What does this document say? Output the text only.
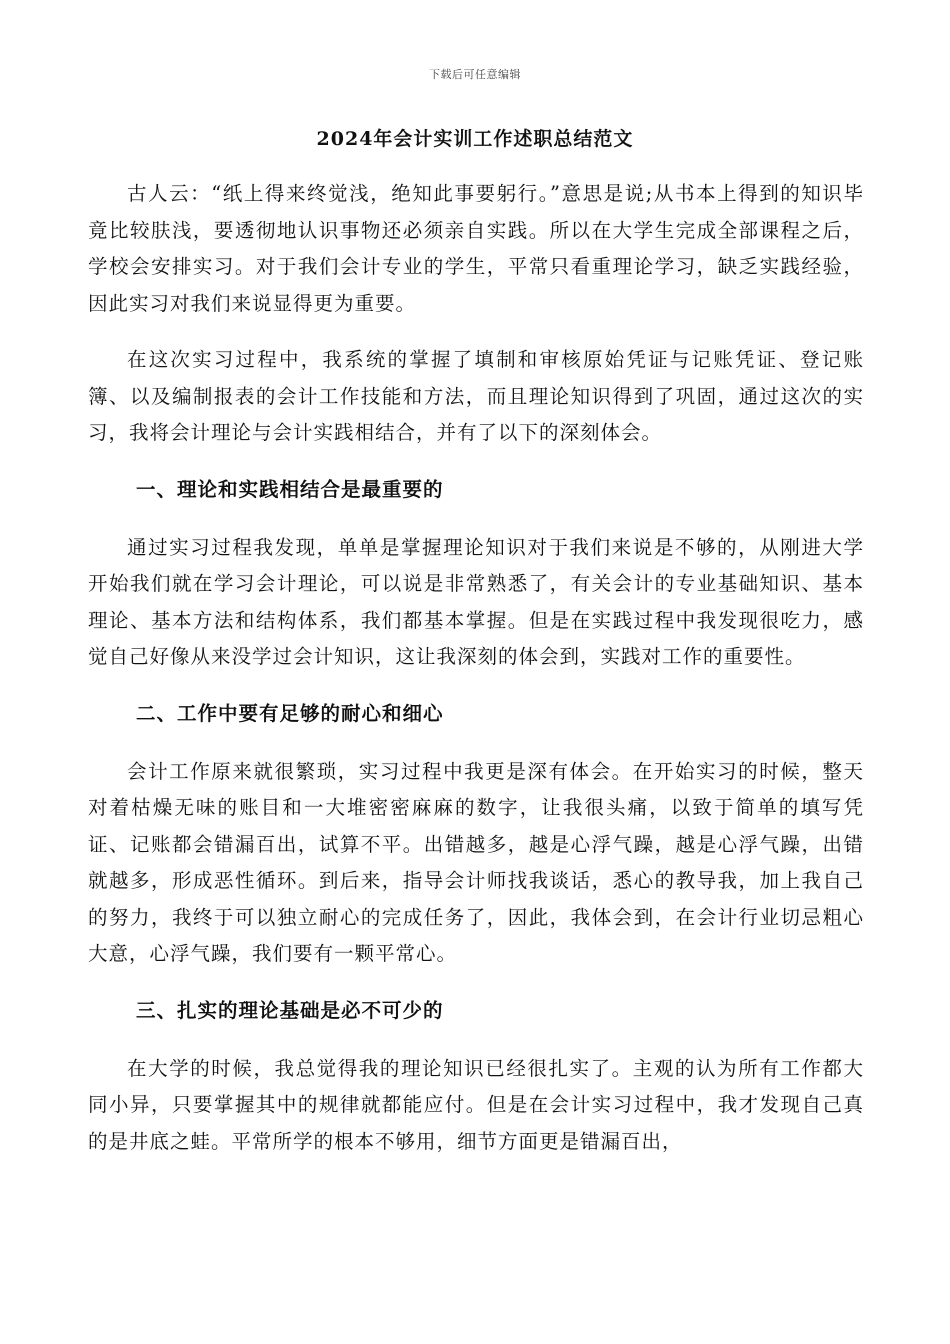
下载后可任意编辑
2024年会计实训工作述职总结范文

古人云：“纸上得来终觉浅，绝知此事要躬行。”意思是说;从书本上得到的知识毕竟比较肤浅，要透彻地认识事物还必须亲自实践。所以在大学生完成全部课程之后，学校会安排实习。对于我们会计专业的学生，平常只看重理论学习，缺乏实践经验，因此实习对我们来说显得更为重要。

在这次实习过程中，我系统的掌握了填制和审核原始凭证与记账凭证、登记账簿、以及编制报表的会计工作技能和方法，而且理论知识得到了巩固，通过这次的实习，我将会计理论与会计实践相结合，并有了以下的深刻体会。

一、理论和实践相结合是最重要的

通过实习过程我发现，单单是掌握理论知识对于我们来说是不够的，从刚进大学开始我们就在学习会计理论，可以说是非常熟悉了，有关会计的专业基础知识、基本理论、基本方法和结构体系，我们都基本掌握。但是在实践过程中我发现很吃力，感觉自己好像从来没学过会计知识，这让我深刻的体会到，实践对工作的重要性。

二、工作中要有足够的耐心和细心

会计工作原来就很繁琐，实习过程中我更是深有体会。在开始实习的时候，整天对着枯燥无味的账目和一大堆密密麻麻的数字，让我很头痛，以致于简单的填写凭证、记账都会错漏百出，试算不平。出错越多，越是心浮气躁，越是心浮气躁，出错就越多，形成恶性循环。到后来，指导会计师找我谈话，悉心的教导我，加上我自己的努力，我终于可以独立耐心的完成任务了，因此，我体会到，在会计行业切忌粗心大意，心浮气躁，我们要有一颗平常心。

三、扎实的理论基础是必不可少的

在大学的时候，我总觉得我的理论知识已经很扎实了。主观的认为所有工作都大同小异，只要掌握其中的规律就都能应付。但是在会计实习过程中，我才发现自己真的是井底之蛙。平常所学的根本不够用，细节方面更是错漏百出，
